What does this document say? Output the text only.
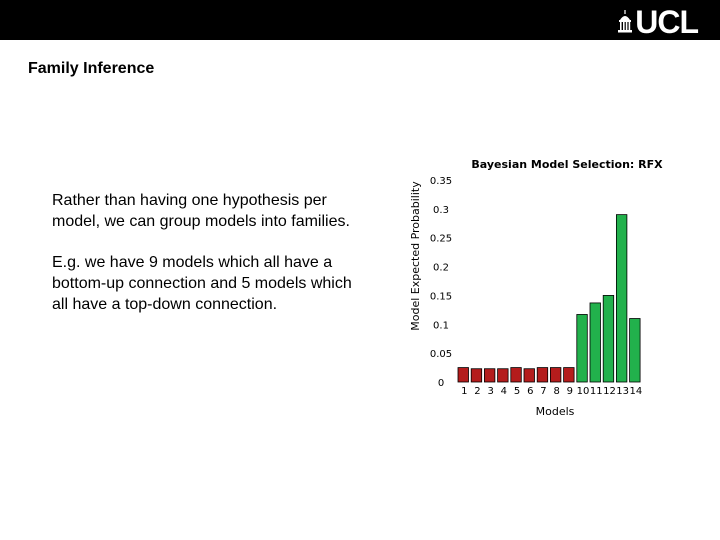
UCL
Family Inference

Rather than having one hypothesis per model, we can group models into families.

E.g. we have 9 models which all have a bottom-up connection and 5 models which all have a top-down connection.

Bayesian Model Selection: RFX
Model Expected Probability
Models
0
0.05
0.1
0.15
0.2
0.25
0.3
0.35
1 2 3 4 5 6 7 8 9 10 11 12 13 14
